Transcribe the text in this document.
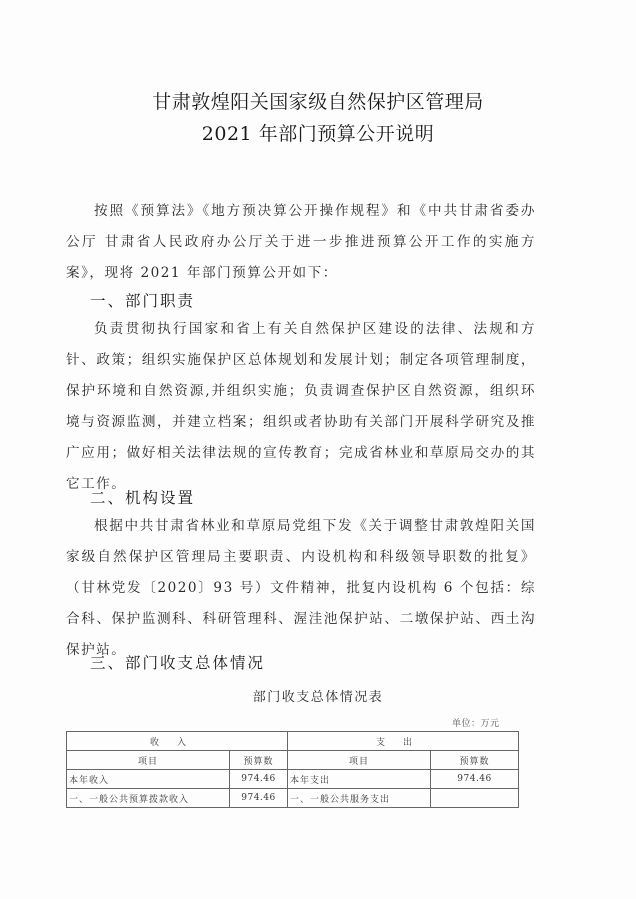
甘肃敦煌阳关国家级自然保护区管理局
2021 年部门预算公开说明
按照《预算法》《地方预决算公开操作规程》和《中共甘肃省委办公厅 甘肃省人民政府办公厅关于进一步推进预算公开工作的实施方案》，现将 2021 年部门预算公开如下：
一、部门职责
负责贯彻执行国家和省上有关自然保护区建设的法律、法规和方针、政策；组织实施保护区总体规划和发展计划；制定各项管理制度，保护环境和自然资源,并组织实施；负责调查保护区自然资源，组织环境与资源监测，并建立档案；组织或者协助有关部门开展科学研究及推广应用；做好相关法律法规的宣传教育；完成省林业和草原局交办的其它工作。
二、机构设置
根据中共甘肃省林业和草原局党组下发《关于调整甘肃敦煌阳关国家级自然保护区管理局主要职责、内设机构和科级领导职数的批复》（甘林党发〔2020〕93 号）文件精神，批复内设机构 6 个包括：综合科、保护监测科、科研管理科、渥洼池保护站、二墩保护站、西土沟保护站。
三、部门收支总体情况
部门收支总体情况表
单位：万元
收入		支出	
项目	预算数	项目	预算数
本年收入	974.46	本年支出	974.46
一、一般公共预算拨款收入	974.46	一、一般公共服务支出	
